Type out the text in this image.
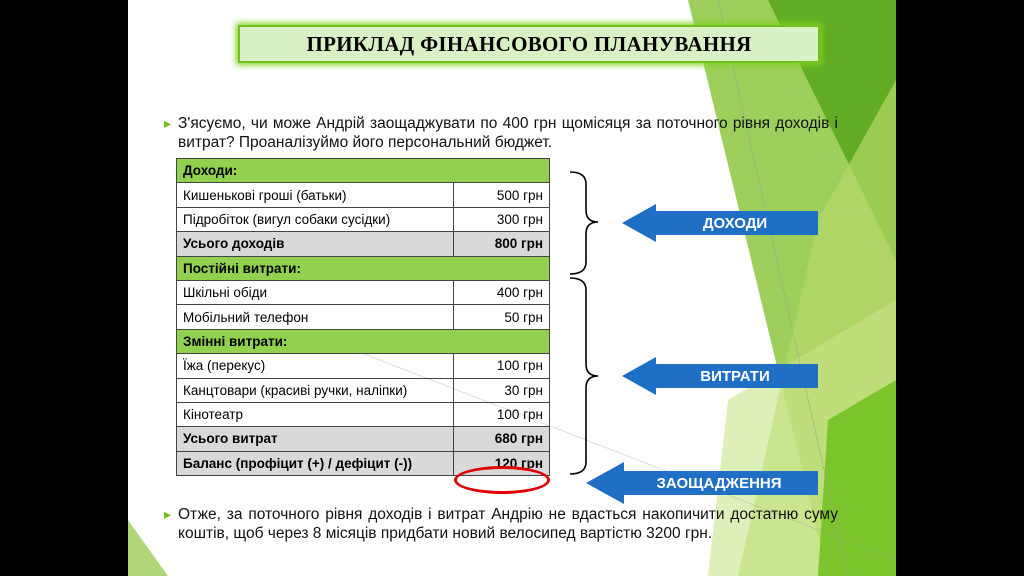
ПРИКЛАД ФІНАНСОВОГО ПЛАНУВАННЯ
▸ З'ясуємо, чи може Андрій заощаджувати по 400 грн щомісяця за поточного рівня доходів і витрат? Проаналізуймо його персональний бюджет.
Доходи:	
Кишенькові гроші (батьки)	500 грн
Підробіток (вигул собаки сусідки)	300 грн
Усього доходів	800 грн
Постійні витрати:	
Шкільні обіди	400 грн
Мобільний телефон	50 грн
Змінні витрати:	
Їжа (перекус)	100 грн
Канцтовари (красиві ручки, наліпки)	30 грн
Кінотеатр	100 грн
Усього витрат	680 грн
Баланс (профіцит (+) / дефіцит (-))	120 грн
ДОХОДИ
ВИТРАТИ
ЗАОЩАДЖЕННЯ
▸ Отже, за поточного рівня доходів і витрат Андрію не вдасться накопичити достатню суму коштів, щоб через 8 місяців придбати новий велосипед вартістю 3200 грн.
